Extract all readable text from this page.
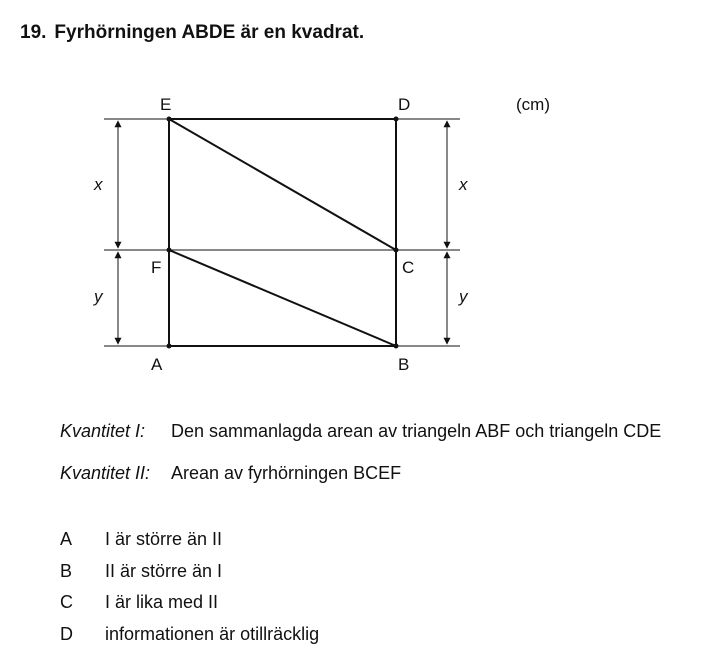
19. Fyrhörningen ABDE är en kvadrat.
E	D
F	C
A	B
x
y
x
y
(cm)
Kvantitet I: Den sammanlagda arean av triangeln ABF och triangeln CDE
Kvantitet II: Arean av fyrhörningen BCEF
A I är större än II
B II är större än I
C I är lika med II
D informationen är otillräcklig
